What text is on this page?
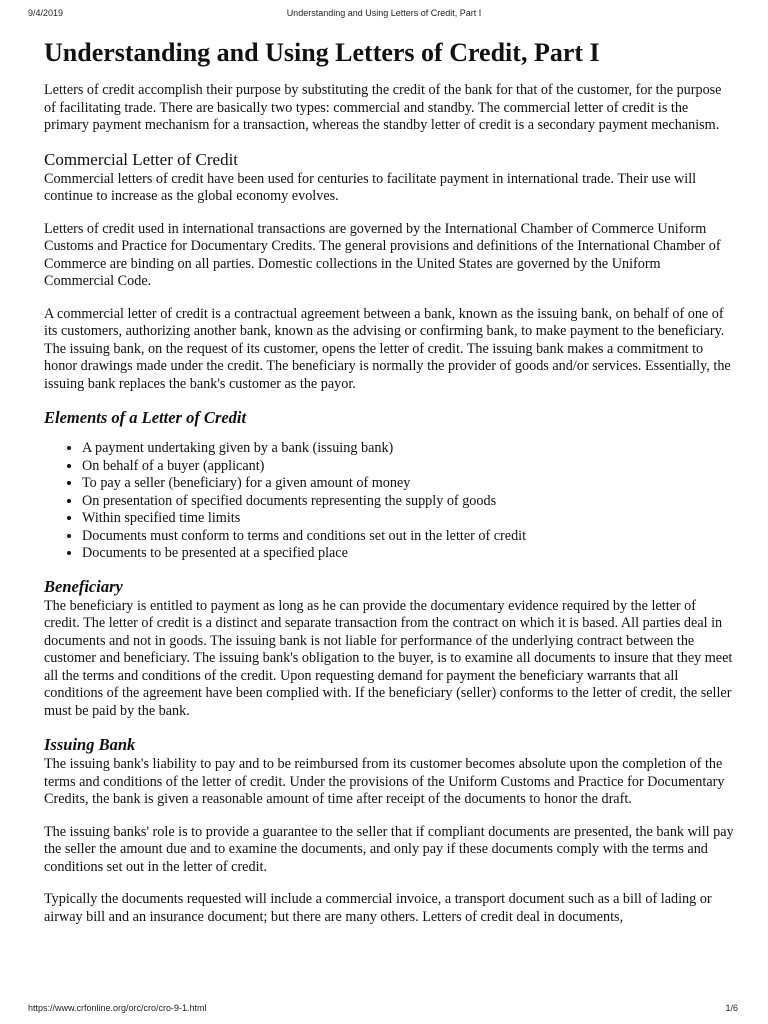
Understanding and Using Letters of Credit, Part I
9/4/2019
Understanding and Using Letters of Credit, Part I

Letters of credit accomplish their purpose by substituting the credit of the bank for that of the customer, for the purpose of facilitating trade. There are basically two types: commercial and standby. The commercial letter of credit is the primary payment mechanism for a transaction, whereas the standby letter of credit is a secondary payment mechanism.

Commercial Letter of Credit

Commercial letters of credit have been used for centuries to facilitate payment in international trade. Their use will continue to increase as the global economy evolves.

Letters of credit used in international transactions are governed by the International Chamber of Commerce Uniform Customs and Practice for Documentary Credits. The general provisions and definitions of the International Chamber of Commerce are binding on all parties. Domestic collections in the United States are governed by the Uniform Commercial Code.

A commercial letter of credit is a contractual agreement between a bank, known as the issuing bank, on behalf of one of its customers, authorizing another bank, known as the advising or confirming bank, to make payment to the beneficiary. The issuing bank, on the request of its customer, opens the letter of credit. The issuing bank makes a commitment to honor drawings made under the credit. The beneficiary is normally the provider of goods and/or services. Essentially, the issuing bank replaces the bank's customer as the payor.

Elements of a Letter of Credit
• A payment undertaking given by a bank (issuing bank)
• On behalf of a buyer (applicant)
• To pay a seller (beneficiary) for a given amount of money
• On presentation of specified documents representing the supply of goods
• Within specified time limits
• Documents must conform to terms and conditions set out in the letter of credit
• Documents to be presented at a specified place
Beneficiary

The beneficiary is entitled to payment as long as he can provide the documentary evidence required by the letter of credit. The letter of credit is a distinct and separate transaction from the contract on which it is based. All parties deal in documents and not in goods. The issuing bank is not liable for performance of the underlying contract between the customer and beneficiary. The issuing bank's obligation to the buyer, is to examine all documents to insure that they meet all the terms and conditions of the credit. Upon requesting demand for payment the beneficiary warrants that all conditions of the agreement have been complied with. If the beneficiary (seller) conforms to the letter of credit, the seller must be paid by the bank.

Issuing Bank

The issuing bank's liability to pay and to be reimbursed from its customer becomes absolute upon the completion of the terms and conditions of the letter of credit. Under the provisions of the Uniform Customs and Practice for Documentary Credits, the bank is given a reasonable amount of time after receipt of the documents to honor the draft.

The issuing banks' role is to provide a guarantee to the seller that if compliant documents are presented, the bank will pay the seller the amount due and to examine the documents, and only pay if these documents comply with the terms and conditions set out in the letter of credit.

Typically the documents requested will include a commercial invoice, a transport document such as a bill of lading or airway bill and an insurance document; but there are many others. Letters of credit deal in documents,

https://www.crfonline.org/orc/cro/cro-9-1.html	1/6
